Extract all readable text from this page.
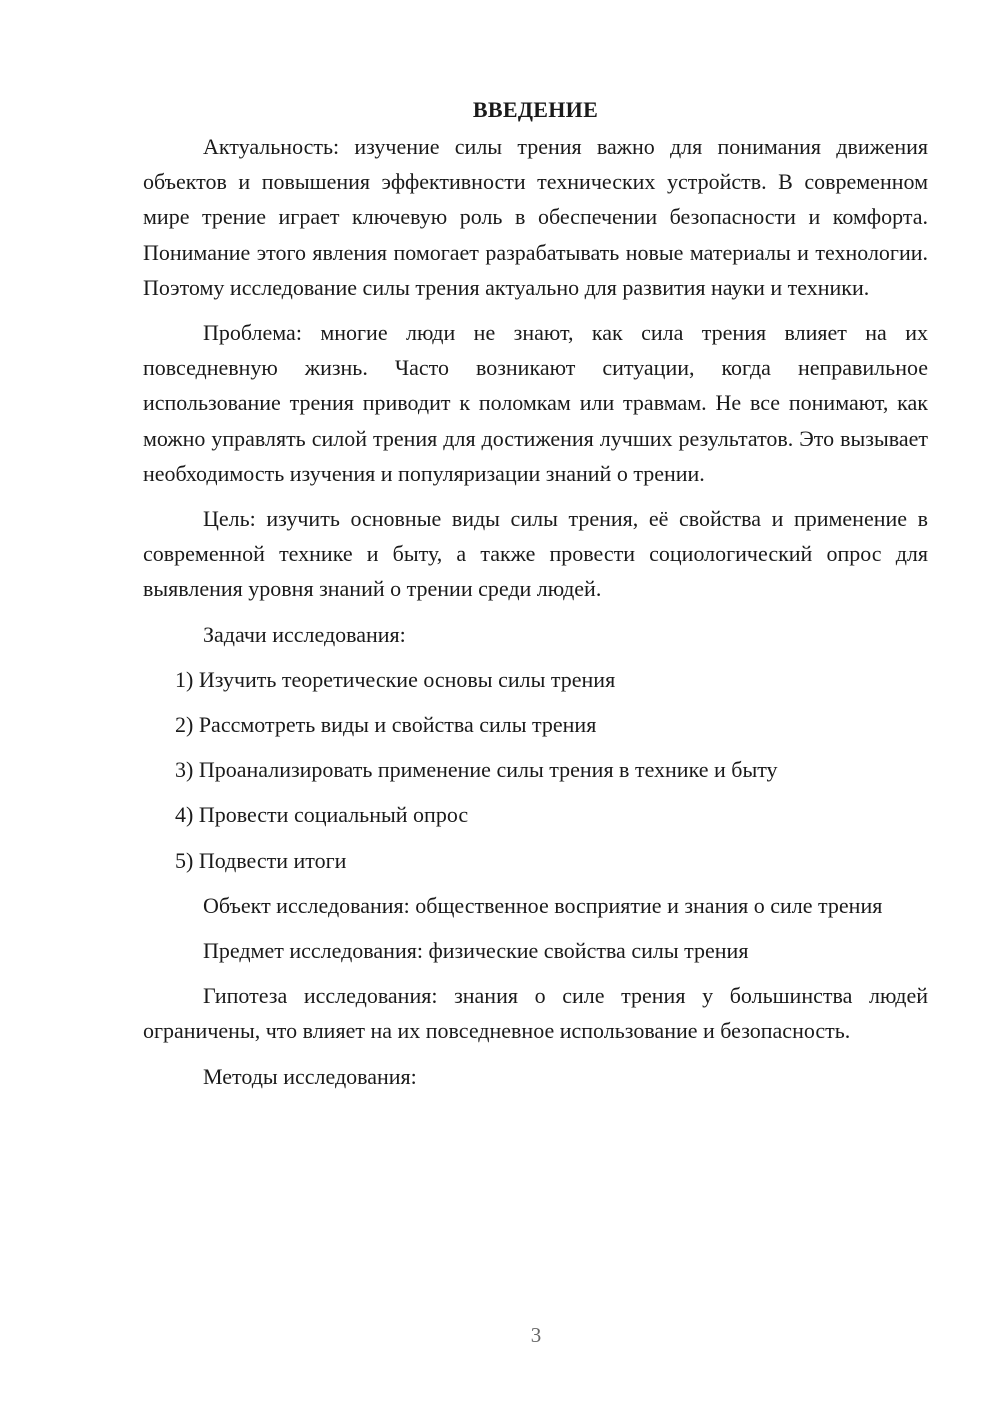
ВВЕДЕНИЕ

Актуальность: изучение силы трения важно для понимания движения объектов и повышения эффективности технических устройств. В современном мире трение играет ключевую роль в обеспечении безопасности и комфорта. Понимание этого явления помогает разрабатывать новые материалы и технологии. Поэтому исследование силы трения актуально для развития науки и техники.

Проблема: многие люди не знают, как сила трения влияет на их повседневную жизнь. Часто возникают ситуации, когда неправильное использование трения приводит к поломкам или травмам. Не все понимают, как можно управлять силой трения для достижения лучших результатов. Это вызывает необходимость изучения и популяризации знаний о трении.

Цель: изучить основные виды силы трения, её свойства и применение в современной технике и быту, а также провести социологический опрос для выявления уровня знаний о трении среди людей.

Задачи исследования:

1) Изучить теоретические основы силы трения
2) Рассмотреть виды и свойства силы трения
3) Проанализировать применение силы трения в технике и быту
4) Провести социальный опрос
5) Подвести итоги

Объект исследования: общественное восприятие и знания о силе трения

Предмет исследования: физические свойства силы трения

Гипотеза исследования: знания о силе трения у большинства людей ограничены, что влияет на их повседневное использование и безопасность.

Методы исследования:

3
